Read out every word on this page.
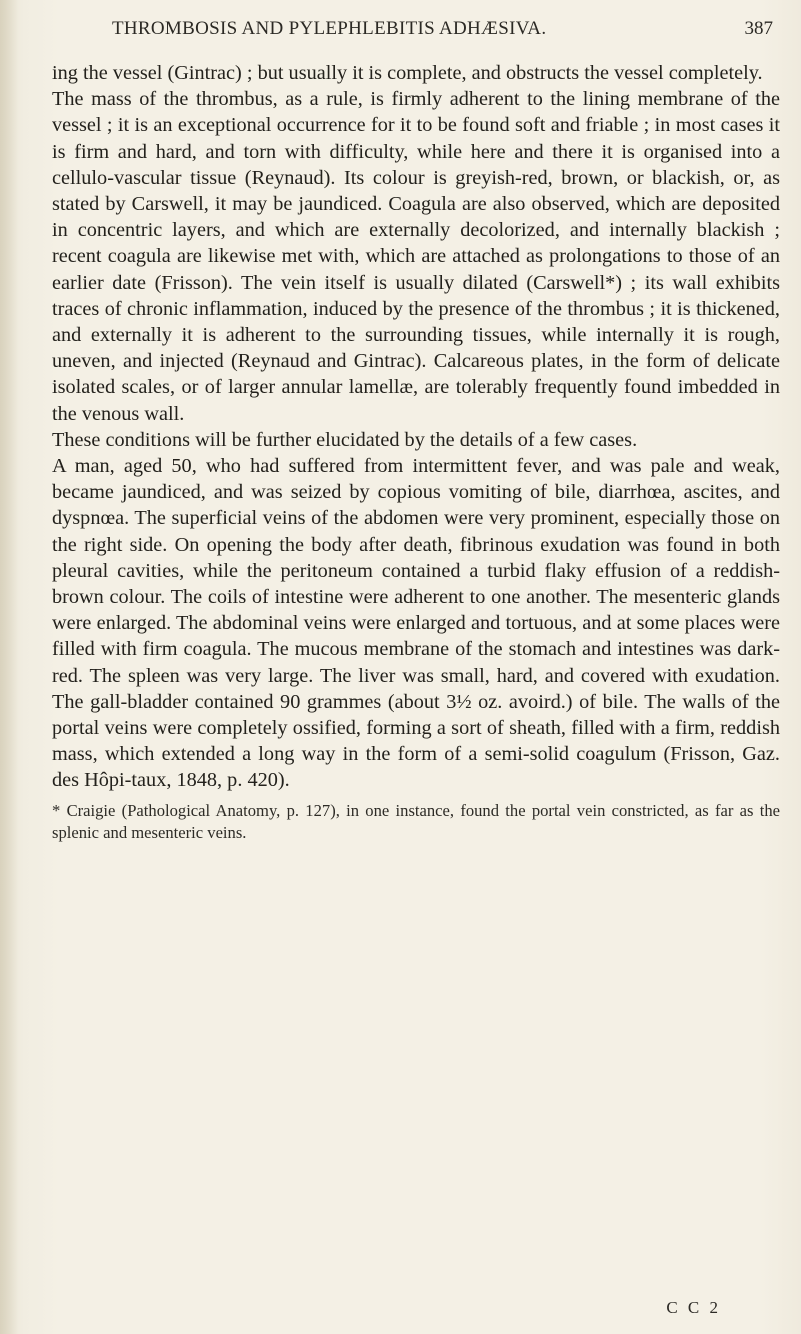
THROMBOSIS AND PYLEPHLEBITIS ADHÆSIVA.	387

ing the vessel (Gintrac) ; but usually it is complete, and obstructs the vessel completely.

The mass of the thrombus, as a rule, is firmly adherent to the lining membrane of the vessel ; it is an exceptional occurrence for it to be found soft and friable ; in most cases it is firm and hard, and torn with difficulty, while here and there it is organised into a cellulo-vascular tissue (Reynaud). Its colour is greyish-red, brown, or blackish, or, as stated by Carswell, it may be jaundiced. Coagula are also observed, which are deposited in concentric layers, and which are externally decolorized, and internally blackish ; recent coagula are likewise met with, which are attached as prolongations to those of an earlier date (Frisson). The vein itself is usually dilated (Carswell*) ; its wall exhibits traces of chronic inflammation, induced by the presence of the thrombus ; it is thickened, and externally it is adherent to the surrounding tissues, while internally it is rough, uneven, and injected (Reynaud and Gintrac). Calcareous plates, in the form of delicate isolated scales, or of larger annular lamellæ, are tolerably frequently found imbedded in the venous wall.

These conditions will be further elucidated by the details of a few cases.

A man, aged 50, who had suffered from intermittent fever, and was pale and weak, became jaundiced, and was seized by copious vomiting of bile, diarrhœa, ascites, and dyspnœa. The superficial veins of the abdomen were very prominent, especially those on the right side. On opening the body after death, fibrinous exudation was found in both pleural cavities, while the peritoneum contained a turbid flaky effusion of a reddish-brown colour. The coils of intestine were adherent to one another. The mesenteric glands were enlarged. The abdominal veins were enlarged and tortuous, and at some places were filled with firm coagula. The mucous membrane of the stomach and intestines was dark-red. The spleen was very large. The liver was small, hard, and covered with exudation. The gall-bladder contained 90 grammes (about 3½ oz. avoird.) of bile. The walls of the portal veins were completely ossified, forming a sort of sheath, filled with a firm, reddish mass, which extended a long way in the form of a semi-solid coagulum (Frisson, Gaz. des Hôpi-taux, 1848, p. 420).

* Craigie (Pathological Anatomy, p. 127), in one instance, found the portal vein constricted, as far as the splenic and mesenteric veins.

C C 2
